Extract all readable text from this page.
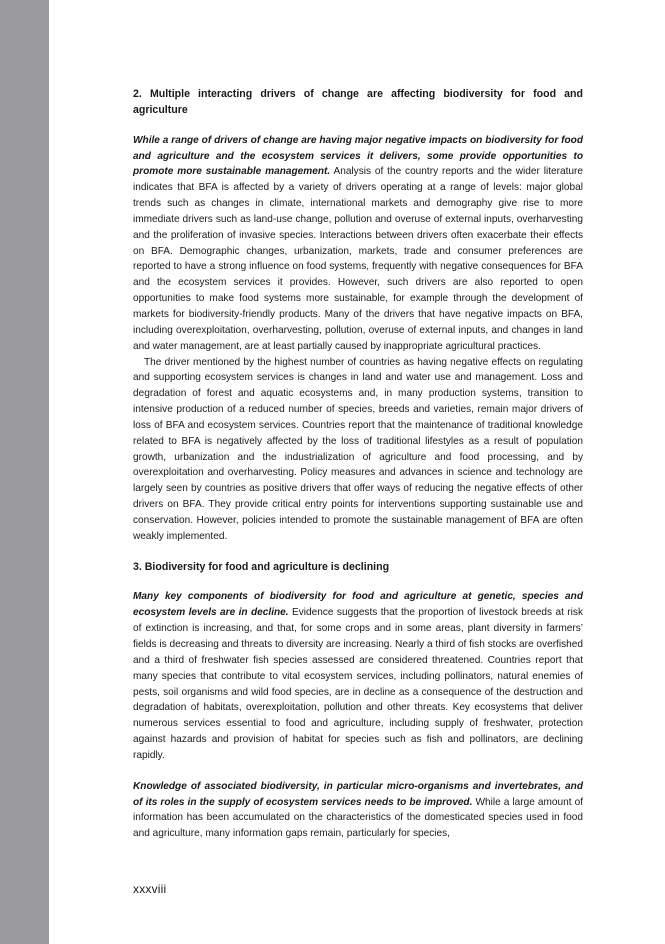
2. Multiple interacting drivers of change are affecting biodiversity for food and agriculture

While a range of drivers of change are having major negative impacts on biodiversity for food and agriculture and the ecosystem services it delivers, some provide opportunities to promote more sustainable management. Analysis of the country reports and the wider literature indicates that BFA is affected by a variety of drivers operating at a range of levels: major global trends such as changes in climate, international markets and demography give rise to more immediate drivers such as land-use change, pollution and overuse of external inputs, overharvesting and the proliferation of invasive species. Interactions between drivers often exacerbate their effects on BFA. Demographic changes, urbanization, markets, trade and consumer preferences are reported to have a strong influence on food systems, frequently with negative consequences for BFA and the ecosystem services it provides. However, such drivers are also reported to open opportunities to make food systems more sustainable, for example through the development of markets for biodiversity-friendly products. Many of the drivers that have negative impacts on BFA, including overexploitation, overharvesting, pollution, overuse of external inputs, and changes in land and water management, are at least partially caused by inappropriate agricultural practices.

The driver mentioned by the highest number of countries as having negative effects on regulating and supporting ecosystem services is changes in land and water use and management. Loss and degradation of forest and aquatic ecosystems and, in many production systems, transition to intensive production of a reduced number of species, breeds and varieties, remain major drivers of loss of BFA and ecosystem services. Countries report that the maintenance of traditional knowledge related to BFA is negatively affected by the loss of traditional lifestyles as a result of population growth, urbanization and the industrialization of agriculture and food processing, and by overexploitation and overharvesting. Policy measures and advances in science and technology are largely seen by countries as positive drivers that offer ways of reducing the negative effects of other drivers on BFA. They provide critical entry points for interventions supporting sustainable use and conservation. However, policies intended to promote the sustainable management of BFA are often weakly implemented.

3. Biodiversity for food and agriculture is declining

Many key components of biodiversity for food and agriculture at genetic, species and ecosystem levels are in decline. Evidence suggests that the proportion of livestock breeds at risk of extinction is increasing, and that, for some crops and in some areas, plant diversity in farmers’ fields is decreasing and threats to diversity are increasing. Nearly a third of fish stocks are overfished and a third of freshwater fish species assessed are considered threatened. Countries report that many species that contribute to vital ecosystem services, including pollinators, natural enemies of pests, soil organisms and wild food species, are in decline as a consequence of the destruction and degradation of habitats, overexploitation, pollution and other threats. Key ecosystems that deliver numerous services essential to food and agriculture, including supply of freshwater, protection against hazards and provision of habitat for species such as fish and pollinators, are declining rapidly.

Knowledge of associated biodiversity, in particular micro-organisms and invertebrates, and of its roles in the supply of ecosystem services needs to be improved. While a large amount of information has been accumulated on the characteristics of the domesticated species used in food and agriculture, many information gaps remain, particularly for species,

xxxviii
